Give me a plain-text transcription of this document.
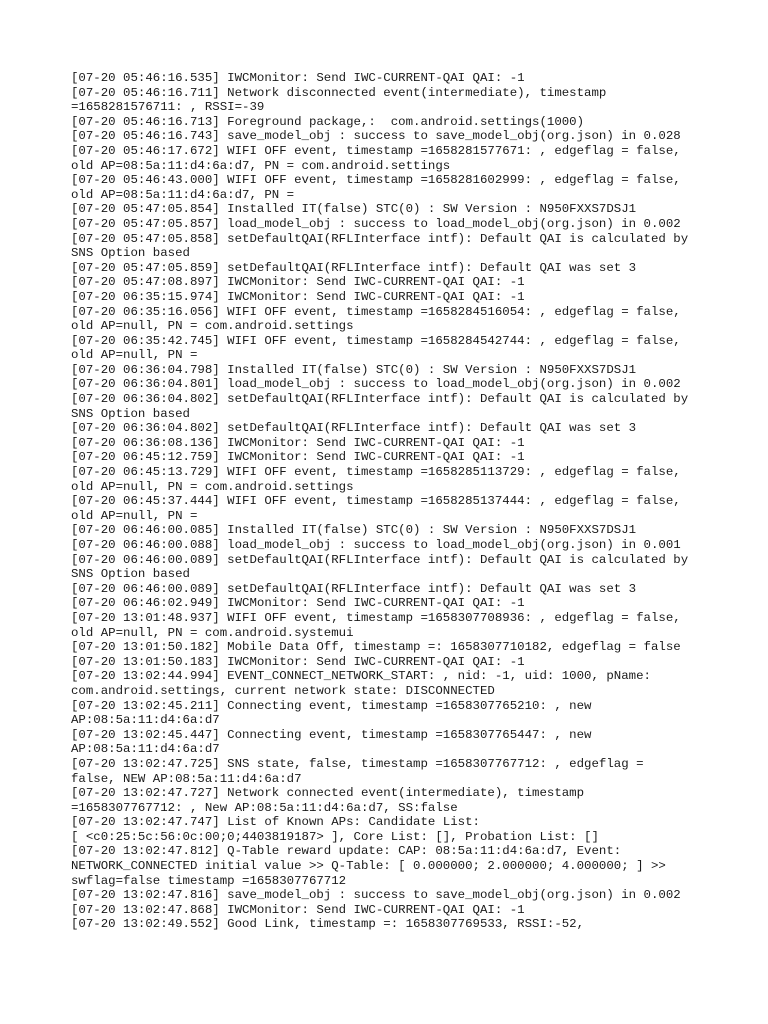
[07-20 05:46:16.535] IWCMonitor: Send IWC-CURRENT-QAI QAI: -1
[07-20 05:46:16.711] Network disconnected event(intermediate), timestamp
=1658281576711: , RSSI=-39
[07-20 05:46:16.713] Foreground package,:  com.android.settings(1000)
[07-20 05:46:16.743] save_model_obj : success to save_model_obj(org.json) in 0.028
[07-20 05:46:17.672] WIFI OFF event, timestamp =1658281577671: , edgeflag = false,
old AP=08:5a:11:d4:6a:d7, PN = com.android.settings
[07-20 05:46:43.000] WIFI OFF event, timestamp =1658281602999: , edgeflag = false,
old AP=08:5a:11:d4:6a:d7, PN =
[07-20 05:47:05.854] Installed IT(false) STC(0) : SW Version : N950FXXS7DSJ1
[07-20 05:47:05.857] load_model_obj : success to load_model_obj(org.json) in 0.002
[07-20 05:47:05.858] setDefaultQAI(RFLInterface intf): Default QAI is calculated by
SNS Option based
[07-20 05:47:05.859] setDefaultQAI(RFLInterface intf): Default QAI was set 3
[07-20 05:47:08.897] IWCMonitor: Send IWC-CURRENT-QAI QAI: -1
[07-20 06:35:15.974] IWCMonitor: Send IWC-CURRENT-QAI QAI: -1
[07-20 06:35:16.056] WIFI OFF event, timestamp =1658284516054: , edgeflag = false,
old AP=null, PN = com.android.settings
[07-20 06:35:42.745] WIFI OFF event, timestamp =1658284542744: , edgeflag = false,
old AP=null, PN =
[07-20 06:36:04.798] Installed IT(false) STC(0) : SW Version : N950FXXS7DSJ1
[07-20 06:36:04.801] load_model_obj : success to load_model_obj(org.json) in 0.002
[07-20 06:36:04.802] setDefaultQAI(RFLInterface intf): Default QAI is calculated by
SNS Option based
[07-20 06:36:04.802] setDefaultQAI(RFLInterface intf): Default QAI was set 3
[07-20 06:36:08.136] IWCMonitor: Send IWC-CURRENT-QAI QAI: -1
[07-20 06:45:12.759] IWCMonitor: Send IWC-CURRENT-QAI QAI: -1
[07-20 06:45:13.729] WIFI OFF event, timestamp =1658285113729: , edgeflag = false,
old AP=null, PN = com.android.settings
[07-20 06:45:37.444] WIFI OFF event, timestamp =1658285137444: , edgeflag = false,
old AP=null, PN =
[07-20 06:46:00.085] Installed IT(false) STC(0) : SW Version : N950FXXS7DSJ1
[07-20 06:46:00.088] load_model_obj : success to load_model_obj(org.json) in 0.001
[07-20 06:46:00.089] setDefaultQAI(RFLInterface intf): Default QAI is calculated by
SNS Option based
[07-20 06:46:00.089] setDefaultQAI(RFLInterface intf): Default QAI was set 3
[07-20 06:46:02.949] IWCMonitor: Send IWC-CURRENT-QAI QAI: -1
[07-20 13:01:48.937] WIFI OFF event, timestamp =1658307708936: , edgeflag = false,
old AP=null, PN = com.android.systemui
[07-20 13:01:50.182] Mobile Data Off, timestamp =: 1658307710182, edgeflag = false
[07-20 13:01:50.183] IWCMonitor: Send IWC-CURRENT-QAI QAI: -1
[07-20 13:02:44.994] EVENT_CONNECT_NETWORK_START: , nid: -1, uid: 1000, pName:
com.android.settings, current network state: DISCONNECTED
[07-20 13:02:45.211] Connecting event, timestamp =1658307765210: , new
AP:08:5a:11:d4:6a:d7
[07-20 13:02:45.447] Connecting event, timestamp =1658307765447: , new
AP:08:5a:11:d4:6a:d7
[07-20 13:02:47.725] SNS state, false, timestamp =1658307767712: , edgeflag =
false, NEW AP:08:5a:11:d4:6a:d7
[07-20 13:02:47.727] Network connected event(intermediate), timestamp
=1658307767712: , New AP:08:5a:11:d4:6a:d7, SS:false
[07-20 13:02:47.747] List of Known APs: Candidate List:
[ <c0:25:5c:56:0c:00;0;4403819187> ], Core List: [], Probation List: []
[07-20 13:02:47.812] Q-Table reward update: CAP: 08:5a:11:d4:6a:d7, Event:
NETWORK_CONNECTED initial value >> Q-Table: [ 0.000000; 2.000000; 4.000000; ] >>
swflag=false timestamp =1658307767712
[07-20 13:02:47.816] save_model_obj : success to save_model_obj(org.json) in 0.002
[07-20 13:02:47.868] IWCMonitor: Send IWC-CURRENT-QAI QAI: -1
[07-20 13:02:49.552] Good Link, timestamp =: 1658307769533, RSSI:-52,
